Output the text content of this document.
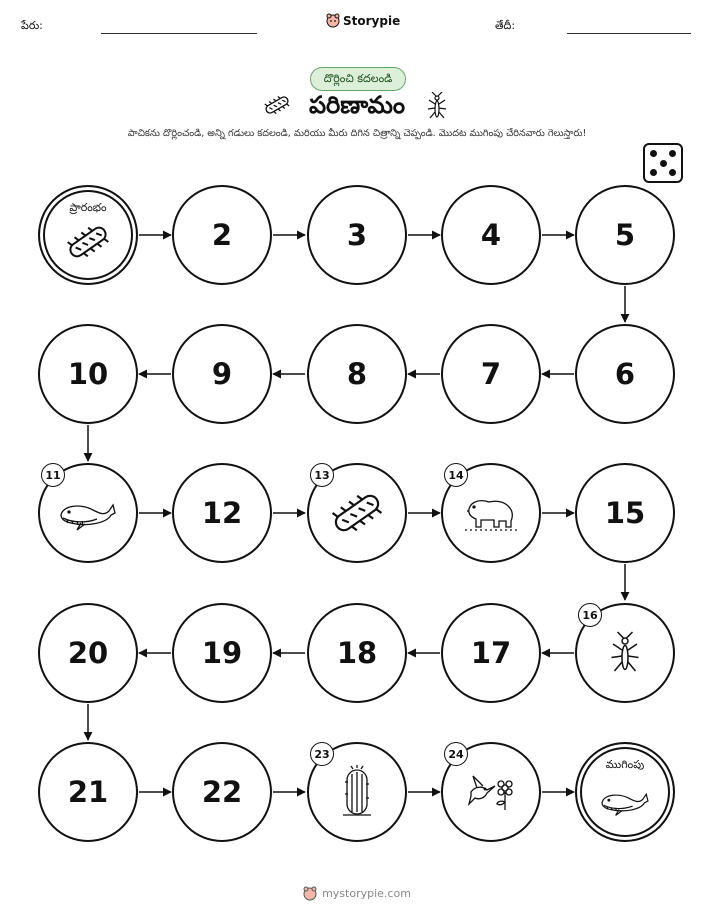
పేరు:	Storypie	తేదీ:
దొర్లించి కదలండి
పరిణామం
పాచికను దొర్లించండి, అన్ని గడులు కదలండి, మరియు మీరు దిగిన చిత్రాన్ని చెప్పండి. మొదట ముగింపు చేరినవారు గెలుస్తారు!
ప్రారంభం
2	3	4	5
10	9	8	7	6
11
12
13	14
15
20	19	18	17
16
21	22
23	24
ముగింపు
mystorypie.com
